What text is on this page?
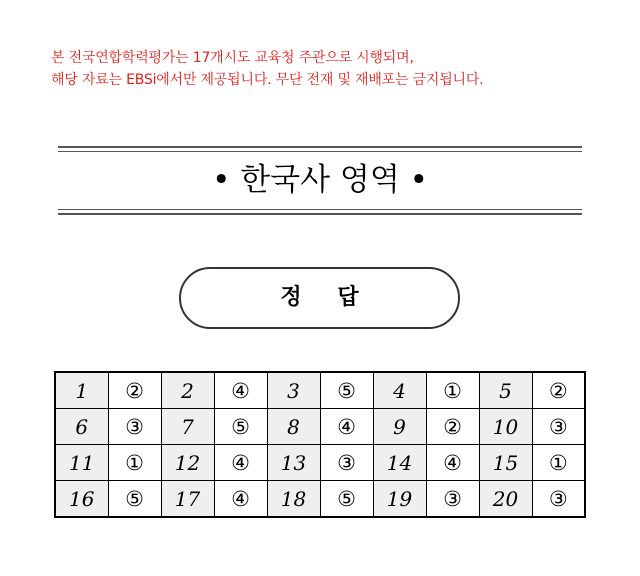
본 전국연합학력평가는 17개시도 교육청 주관으로 시행되며,
해당 자료는 EBSi에서만 제공됩니다. 무단 전재 및 재배포는 금지됩니다.
• 한국사 영역 •
정 답
1	②	2	④	3	⑤	4	①	5	②
6	③	7	⑤	8	④	9	②	10	③
11	①	12	④	13	③	14	④	15	①
16	⑤	17	④	18	⑤	19	③	20	③
